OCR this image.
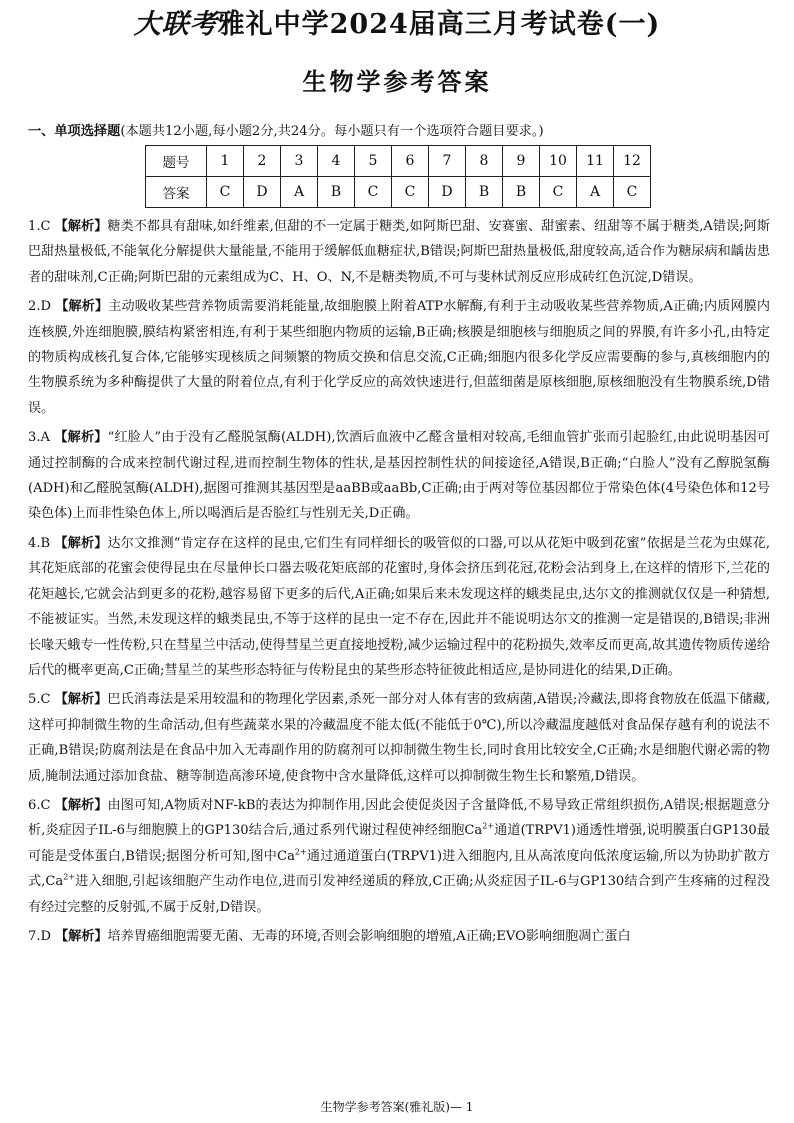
大联考雅礼中学2024届高三月考试卷(一)
生物学参考答案
一、单项选择题(本题共12小题,每小题2分,共24分。每小题只有一个选项符合题目要求。)
题号	1	2	3	4	5	6	7	8	9	10	11	12
答案	C	D	A	B	C	C	D	B	B	C	A	C

1.C 【解析】糖类不都具有甜味,如纤维素,但甜的不一定属于糖类,如阿斯巴甜、安赛蜜、甜蜜素、纽甜等不属于糖类,A错误;阿斯巴甜热量极低,不能氧化分解提供大量能量,不能用于缓解低血糖症状,B错误;阿斯巴甜热量极低,甜度较高,适合作为糖尿病和龋齿患者的甜味剂,C正确;阿斯巴甜的元素组成为C、H、O、N,不是糖类物质,不可与斐林试剂反应形成砖红色沉淀,D错误。

2.D 【解析】主动吸收某些营养物质需要消耗能量,故细胞膜上附着ATP水解酶,有利于主动吸收某些营养物质,A正确;内质网膜内连核膜,外连细胞膜,膜结构紧密相连,有利于某些细胞内物质的运输,B正确;核膜是细胞核与细胞质之间的界膜,有许多小孔,由特定的物质构成核孔复合体,它能够实现核质之间频繁的物质交换和信息交流,C正确;细胞内很多化学反应需要酶的参与,真核细胞内的生物膜系统为多种酶提供了大量的附着位点,有利于化学反应的高效快速进行,但蓝细菌是原核细胞,原核细胞没有生物膜系统,D错误。

3.A 【解析】“红脸人”由于没有乙醛脱氢酶(ALDH),饮酒后血液中乙醛含量相对较高,毛细血管扩张而引起脸红,由此说明基因可通过控制酶的合成来控制代谢过程,进而控制生物体的性状,是基因控制性状的间接途径,A错误,B正确;“白脸人”没有乙醇脱氢酶(ADH)和乙醛脱氢酶(ALDH),据图可推测其基因型是aaBB或aaBb,C正确;由于两对等位基因都位于常染色体(4号染色体和12号染色体)上而非性染色体上,所以喝酒后是否脸红与性别无关,D正确。

4.B 【解析】达尔文推测“肯定存在这样的昆虫,它们生有同样细长的吸管似的口器,可以从花矩中吸到花蜜”依据是兰花为虫媒花,其花矩底部的花蜜会使得昆虫在尽量伸长口器去吸花矩底部的花蜜时,身体会挤压到花冠,花粉会沾到身上,在这样的情形下,兰花的花矩越长,它就会沾到更多的花粉,越容易留下更多的后代,A正确;如果后来未发现这样的蛾类昆虫,达尔文的推测就仅仅是一种猜想,不能被证实。当然,未发现这样的蛾类昆虫,不等于这样的昆虫一定不存在,因此并不能说明达尔文的推测一定是错误的,B错误;非洲长喙天蛾专一性传粉,只在彗星兰中活动,使得彗星兰更直接地授粉,减少运输过程中的花粉损失,效率反而更高,故其遗传物质传递给后代的概率更高,C正确;彗星兰的某些形态特征与传粉昆虫的某些形态特征彼此相适应,是协同进化的结果,D正确。

5.C 【解析】巴氏消毒法是采用较温和的物理化学因素,杀死一部分对人体有害的致病菌,A错误;冷藏法,即将食物放在低温下储藏,这样可抑制微生物的生命活动,但有些蔬菜水果的冷藏温度不能太低(不能低于0℃),所以冷藏温度越低对食品保存越有利的说法不正确,B错误;防腐剂法是在食品中加入无毒副作用的防腐剂可以抑制微生物生长,同时食用比较安全,C正确;水是细胞代谢必需的物质,腌制法通过添加食盐、糖等制造高渗环境,使食物中含水量降低,这样可以抑制微生物生长和繁殖,D错误。

6.C 【解析】由图可知,A物质对NF-kB的表达为抑制作用,因此会使促炎因子含量降低,不易导致正常组织损伤,A错误;根据题意分析,炎症因子IL-6与细胞膜上的GP130结合后,通过系列代谢过程使神经细胞$Ca^{2+}$通道(TRPV1)通透性增强,说明膜蛋白GP130最可能是受体蛋白,B错误;据图分析可知,图中$Ca^{2+}$通过通道蛋白(TRPV1)进入细胞内,且从高浓度向低浓度运输,所以为协助扩散方式$,Ca^{2+}$进入细胞,引起该细胞产生动作电位,进而引发神经递质的释放,C正确;从炎症因子IL-6与GP130结合到产生疼痛的过程没有经过完整的反射弧,不属于反射,D错误。

7.D 【解析】培养胃癌细胞需要无菌、无毒的环境,否则会影响细胞的增殖,A正确;EVO影响细胞凋亡蛋白

生物学参考答案(雅礼版)— 1
